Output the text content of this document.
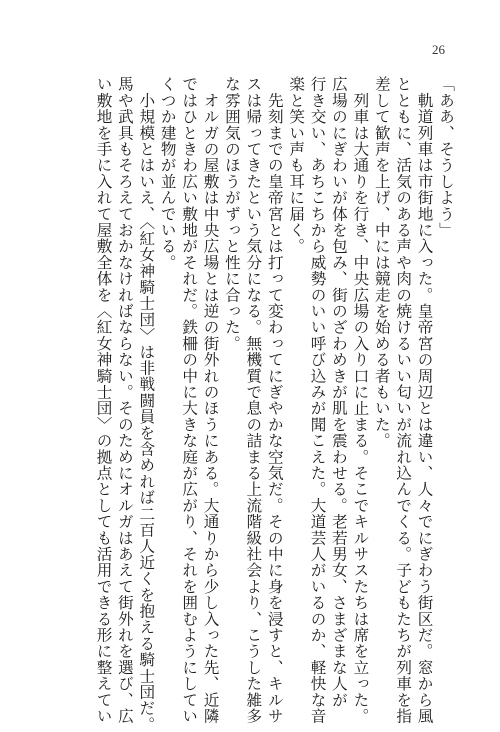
26
「ああ、そうしよう」
　軌道列車は市街地に入った。皇帝宮の周辺とは違い、人々でにぎわう街区だ。窓から風
とともに、活気のある声や肉の焼けるいい匂いが流れ込んでくる。子どもたちが列車を指
差して歓声を上げ、中には競走を始める者もいた。
　列車は大通りを行き、中央広場の入り口に止まる。そこでキルサスたちは席を立った。
広場のにぎわいが体を包み、街のざわめきが肌を震わせる。老若男女、さまざまな人が
行き交い、あちこちから威勢のいい呼び込みが聞こえた。大道芸人がいるのか、軽快な音
楽と笑い声も耳に届く。
　先刻までの皇帝宮とは打って変わってにぎやかな空気だ。その中に身を浸すと、キルサ
スは帰ってきたという気分になる。無機質で息の詰まる上流階級社会より、こうした雑多
な雰囲気のほうがずっと性に合った。
　オルガの屋敷は中央広場とは逆の街外れのほうにある。大通りから少し入った先、近隣
ではひときわ広い敷地がそれだ。鉄柵の中に大きな庭が広がり、それを囲むようにしてい
くつか建物が並んでいる。
　小規模とはいえ、〈紅女神騎士団〉は非戦闘員を含めれば二百人近くを抱える騎士団だ。
馬や武具もそろえておかなければならない。そのためにオルガはあえて街外れを選び、広
い敷地を手に入れて屋敷全体を〈紅女神騎士団〉の拠点としても活用できる形に整えてい
